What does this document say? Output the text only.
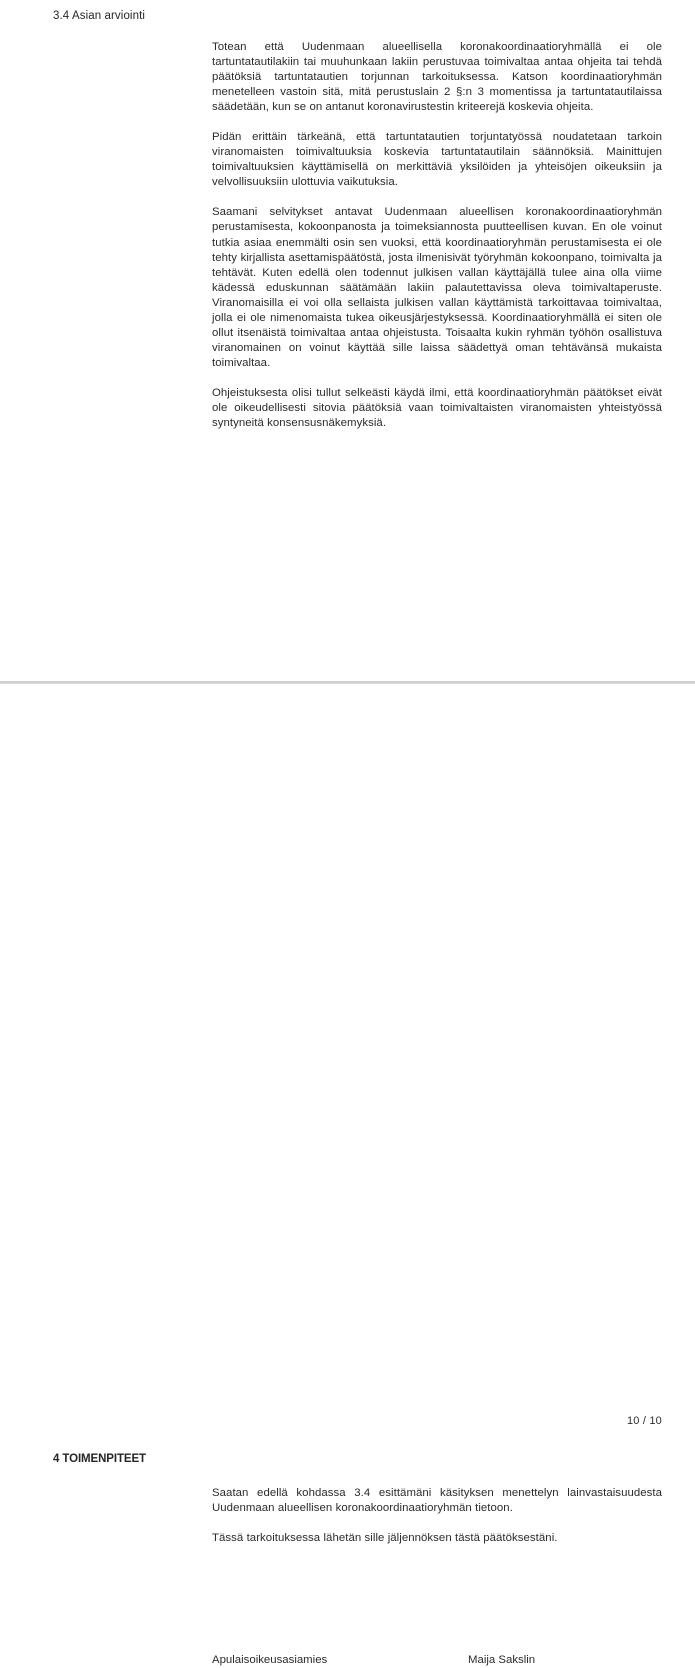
3.4 Asian arviointi

Totean että Uudenmaan alueellisella koronakoordinaatioryhmällä ei ole tartuntatautilakiin tai muuhunkaan lakiin perustuvaa toimivaltaa antaa ohjeita tai tehdä päätöksiä tartuntatautien torjunnan tarkoituksessa. Katson koordinaatioryhmän menetelleen vastoin sitä, mitä perustuslain 2 §:n 3 momentissa ja tartuntatautilaissa säädetään, kun se on antanut koronavirustestin kriteerejä koskevia ohjeita.

Pidän erittäin tärkeänä, että tartuntatautien torjuntatyössä noudatetaan tarkoin viranomaisten toimivaltuuksia koskevia tartuntatautilain säännöksiä. Mainittujen toimivaltuuksien käyttämisellä on merkittäviä yksilöiden ja yhteisöjen oikeuksiin ja velvollisuuksiin ulottuvia vaikutuksia.

Saamani selvitykset antavat Uudenmaan alueellisen koronakoordinaatioryhmän perustamisesta, kokoonpanosta ja toimeksiannosta puutteellisen kuvan. En ole voinut tutkia asiaa enemmälti osin sen vuoksi, että koordinaatioryhmän perustamisesta ei ole tehty kirjallista asettamispäätöstä, josta ilmenisivät työryhmän kokoonpano, toimivalta ja tehtävät. Kuten edellä olen todennut julkisen vallan käyttäjällä tulee aina olla viime kädessä eduskunnan säätämään lakiin palautettavissa oleva toimivaltaperuste. Viranomaisilla ei voi olla sellaista julkisen vallan käyttämistä tarkoittavaa toimivaltaa, jolla ei ole nimenomaista tukea oikeusjärjestyksessä. Koordinaatioryhmällä ei siten ole ollut itsenäistä toimivaltaa antaa ohjeistusta. Toisaalta kukin ryhmän työhön osallistuva viranomainen on voinut käyttää sille laissa säädettyä oman tehtävänsä mukaista toimivaltaa.

Ohjeistuksesta olisi tullut selkeästi käydä ilmi, että koordinaatioryhmän päätökset eivät ole oikeudellisesti sitovia päätöksiä vaan toimivaltaisten viranomaisten yhteistyössä syntyneitä konsensusnäkemyksiä.

10 / 10
4 TOIMENPITEET

Saatan edellä kohdassa 3.4 esittämäni käsityksen menettelyn lainvastaisuudesta Uudenmaan alueellisen koronakoordinaatioryhmän tietoon.

Tässä tarkoituksessa lähetän sille jäljennöksen tästä päätöksestäni.

Apulaisoikeusasiamies	Maija Sakslin
